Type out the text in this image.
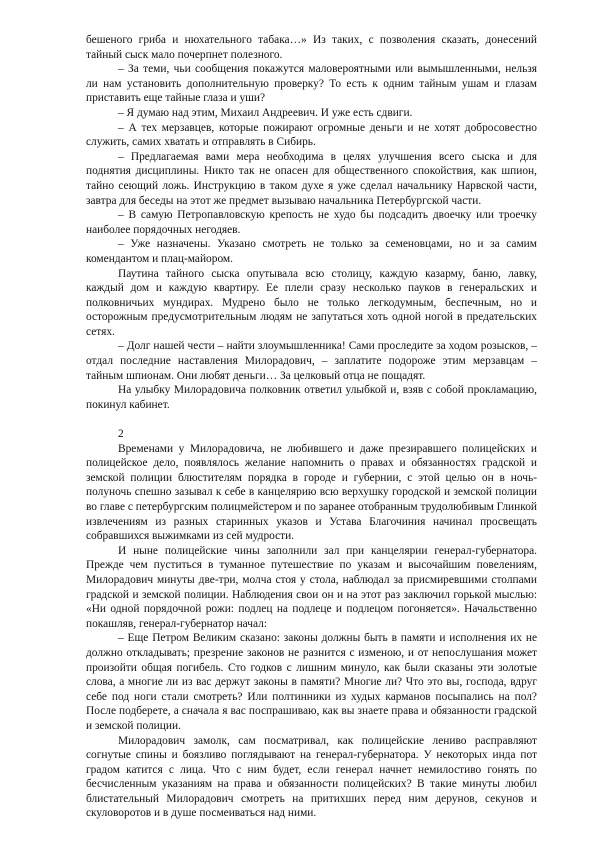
бешеного гриба и нюхательного табака…» Из таких, с позволения сказать, донесений тайный сыск мало почерпнет полезного.

– За теми, чьи сообщения покажутся маловероятными или вымышленными, нельзя ли нам установить дополнительную проверку? То есть к одним тайным ушам и глазам приставить еще тайные глаза и уши?

– Я думаю над этим, Михаил Андреевич. И уже есть сдвиги.

– А тех мерзавцев, которые пожирают огромные деньги и не хотят добросовестно служить, самих хватать и отправлять в Сибирь.

– Предлагаемая вами мера необходима в целях улучшения всего сыска и для поднятия дисциплины. Никто так не опасен для общественного спокойствия, как шпион, тайно сеющий ложь. Инструкцию в таком духе я уже сделал начальнику Нарвской части, завтра для беседы на этот же предмет вызываю начальника Петербургской части.

– В самую Петропавловскую крепость не худо бы подсадить двоечку или троечку наиболее порядочных негодяев.

– Уже назначены. Указано смотреть не только за семеновцами, но и за самим комендантом и плац-майором.

Паутина тайного сыска опутывала всю столицу, каждую казарму, баню, лавку, каждый дом и каждую квартиру. Ее плели сразу несколько пауков в генеральских и полковничьих мундирах. Мудрено было не только легкодумным, беспечным, но и осторожным предусмотрительным людям не запутаться хоть одной ногой в предательских сетях.

– Долг нашей чести – найти злоумышленника! Сами проследите за ходом розысков, – отдал последние наставления Милорадович, – заплатите подороже этим мерзавцам – тайным шпионам. Они любят деньги… За целковый отца не пощадят.

На улыбку Милорадовича полковник ответил улыбкой и, взяв с собой прокламацию, покинул кабинет.

2

Временами у Милорадовича, не любившего и даже презиравшего полицейских и полицейское дело, появлялось желание напомнить о правах и обязанностях градской и земской полиции блюстителям порядка в городе и губернии, с этой целью он в ночь-полуночь спешно зазывал к себе в канцелярию всю верхушку городской и земской полиции во главе с петербургским полицмейстером и по заранее отобранным трудолюбивым Глинкой извлечениям из разных старинных указов и Устава Благочиния начинал просвещать собравшихся выжимками из сей мудрости.

И ныне полицейские чины заполнили зал при канцелярии генерал-губернатора. Прежде чем пуститься в туманное путешествие по указам и высочайшим повелениям, Милорадович минуты две-три, молча стоя у стола, наблюдал за присмиревшими столпами градской и земской полиции. Наблюдения свои он и на этот раз заключил горькой мыслью: «Ни одной порядочной рожи: подлец на подлеце и подлецом погоняется». Начальственно покашляв, генерал-губернатор начал:

– Еще Петром Великим сказано: законы должны быть в памяти и исполнения их не должно откладывать; презрение законов не разнится с изменою, и от непослушания может произойти общая погибель. Сто годков с лишним минуло, как были сказаны эти золотые слова, а многие ли из вас держут законы в памяти? Многие ли? Что это вы, господа, вдруг себе под ноги стали смотреть? Или полтинники из худых карманов посыпались на пол? После подберете, а сначала я вас поспрашиваю, как вы знаете права и обязанности градской и земской полиции.

Милорадович замолк, сам посматривал, как полицейские лениво расправляют согнутые спины и боязливо поглядывают на генерал-губернатора. У некоторых инда пот градом катится с лица. Что с ним будет, если генерал начнет немилостиво гонять по бесчисленным указаниям на права и обязанности полицейских? В такие минуты любил блистательный Милорадович смотреть на притихших перед ним дерунов, секунов и скуловоротов и в душе посмеиваться над ними.
